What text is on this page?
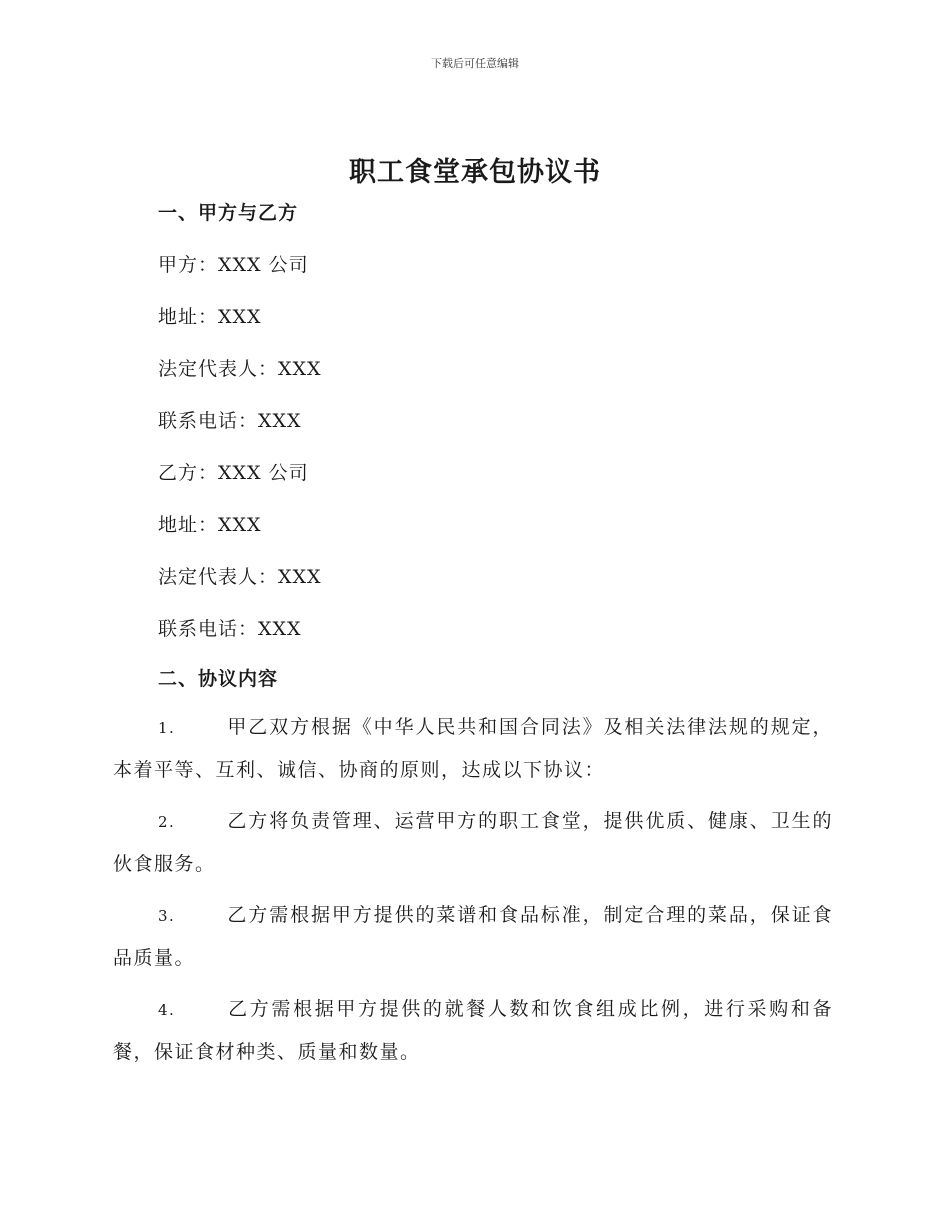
下载后可任意编辑
职工食堂承包协议书
一、甲方与乙方
甲方：XXX 公司
地址：XXX
法定代表人：XXX
联系电话：XXX
乙方：XXX 公司
地址：XXX
法定代表人：XXX
联系电话：XXX
二、协议内容
1.	甲乙双方根据《中华人民共和国合同法》及相关法律法规的规定，本着平等、互利、诚信、协商的原则，达成以下协议：
2.	乙方将负责管理、运营甲方的职工食堂，提供优质、健康、卫生的伙食服务。
3.	乙方需根据甲方提供的菜谱和食品标准，制定合理的菜品，保证食品质量。
4.	乙方需根据甲方提供的就餐人数和饮食组成比例，进行采购和备餐，保证食材种类、质量和数量。
